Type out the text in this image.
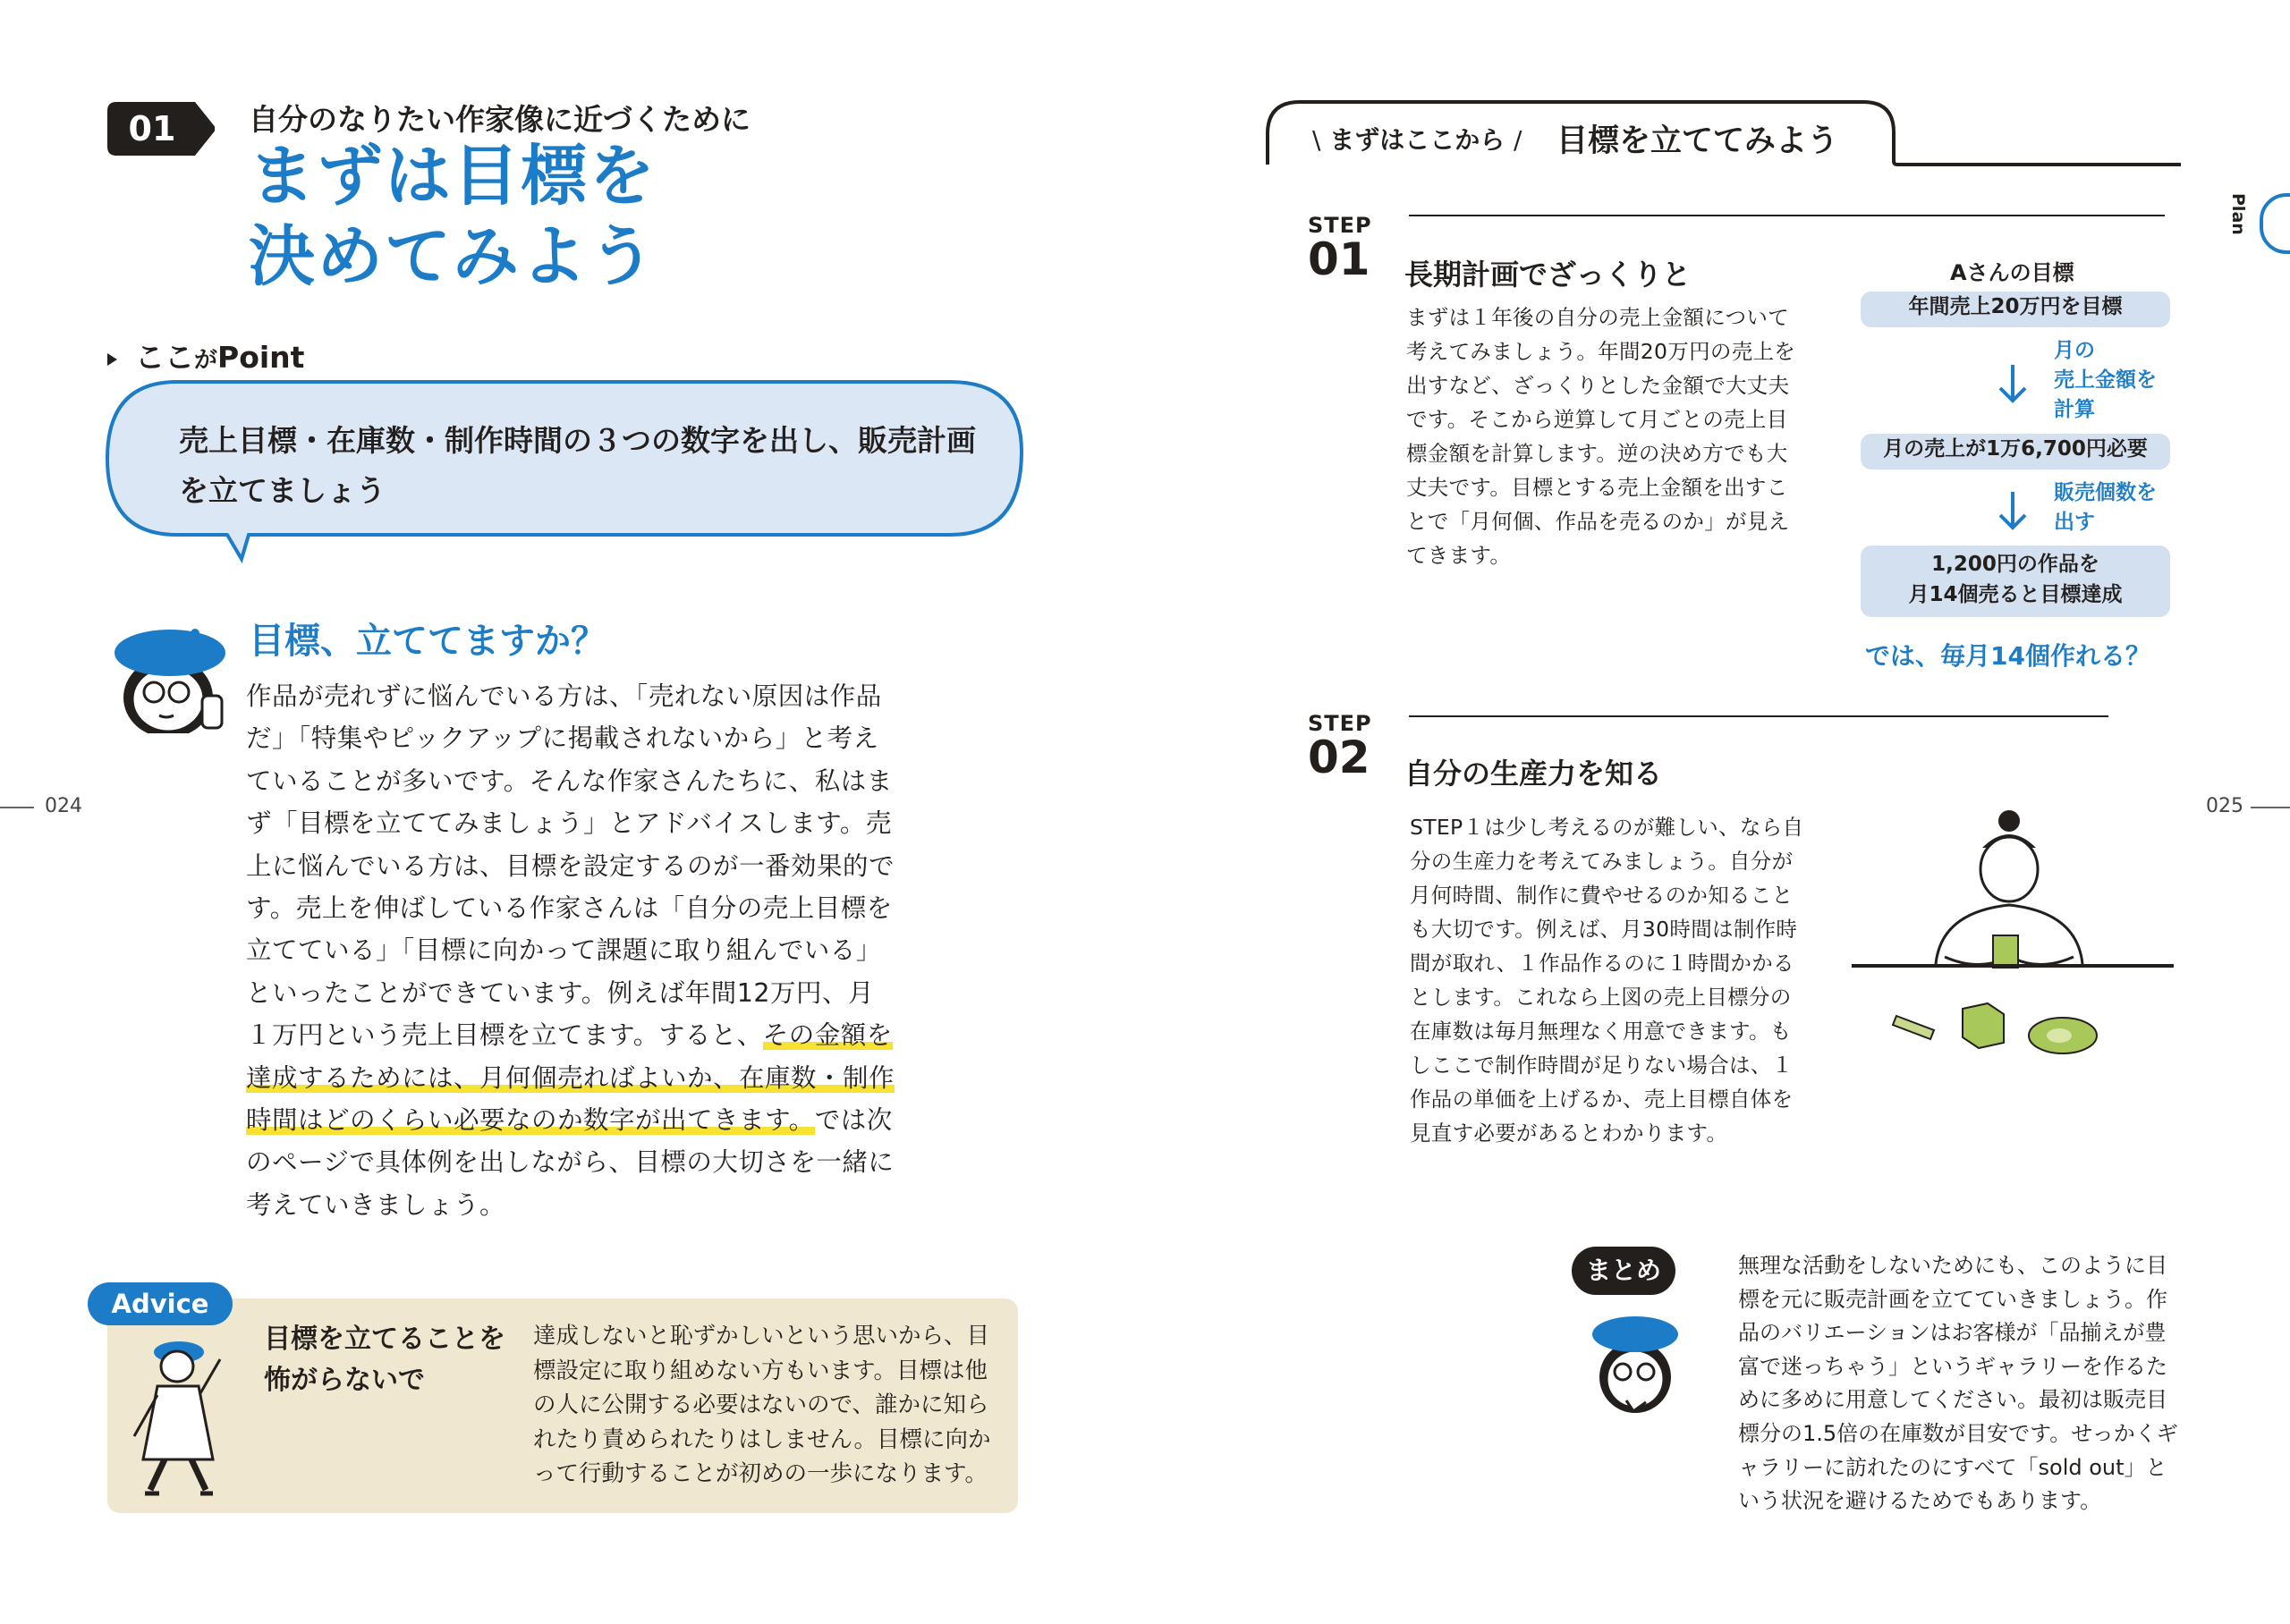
01	自分のなりたい作家像に近づくために
まずは目標を
決めてみよう
ここがPoint
売上目標・在庫数・制作時間の３つの数字を出し、販売計画を立てましょう
目標、立ててますか？
作品が売れずに悩んでいる方は、「売れない原因は作品だ」「特集やピックアップに掲載されないから」と考えていることが多いです。そんな作家さんたちに、私はまず「目標を立ててみましょう」とアドバイスします。売上に悩んでいる方は、目標を設定するのが一番効果的です。売上を伸ばしている作家さんは「自分の売上目標を立てている」「目標に向かって課題に取り組んでいる」といったことができています。例えば年間12万円、月１万円という売上目標を立てます。すると、その金額を達成するためには、月何個売ればよいか、在庫数・制作時間はどのくらい必要なのか数字が出てきます。では次のページで具体例を出しながら、目標の大切さを一緒に考えていきましょう。
Advice
目標を立てることを怖がらないで
達成しないと恥ずかしいという思いから、目標設定に取り組めない方もいます。目標は他の人に公開する必要はないので、誰かに知られたり責められたりはしません。目標に向かって行動することが初めの一歩になります。
024
\ まずはここから / 目標を立ててみよう
Plan
STEP
01 長期計画でざっくりと
まずは１年後の自分の売上金額について考えてみましょう。年間20万円の売上を出すなど、ざっくりとした金額で大丈夫です。そこから逆算して月ごとの売上目標金額を計算します。逆の決め方でも大丈夫です。目標とする売上金額を出すことで「月何個、作品を売るのか」が見えてきます。
Aさんの目標
年間売上20万円を目標
月の
売上金額を
計算
月の売上が1万6,700円必要
販売個数を
出す
1,200円の作品を
月14個売ると目標達成
では、毎月14個作れる？
STEP
02 自分の生産力を知る
STEP１は少し考えるのが難しい、なら自分の生産力を考えてみましょう。自分が月何時間、制作に費やせるのか知ることも大切です。例えば、月30時間は制作時間が取れ、１作品作るのに１時間かかるとします。これなら上図の売上目標分の在庫数は毎月無理なく用意できます。もしここで制作時間が足りない場合は、１作品の単価を上げるか、売上目標自体を見直す必要があるとわかります。
まとめ	無理な活動をしないためにも、このように目標を元に販売計画を立てていきましょう。作品のバリエーションはお客様が「品揃えが豊富で迷っちゃう」というギャラリーを作るために多めに用意してください。最初は販売目標分の1.5倍の在庫数が目安です。せっかくギャラリーに訪れたのにすべて「sold out」という状況を避けるためでもあります。
025
